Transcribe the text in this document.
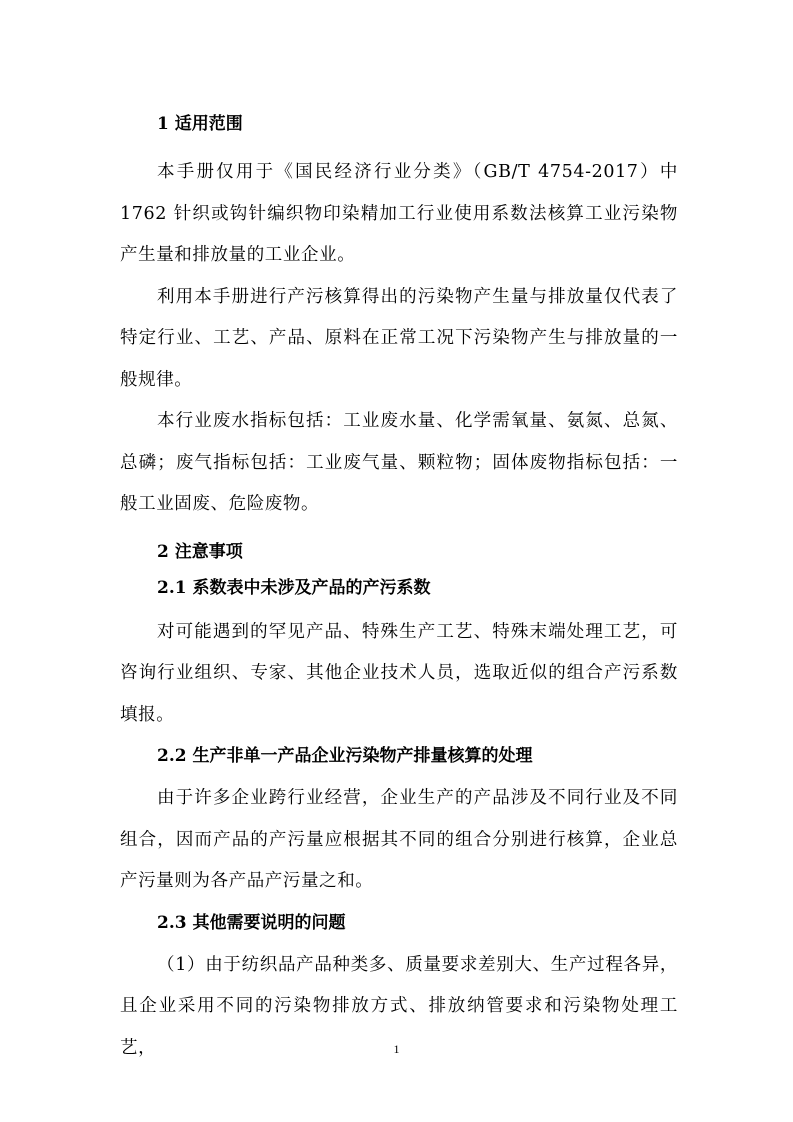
1 适用范围
本手册仅用于《国民经济行业分类》（GB/T 4754-2017）中 1762 针织或钩针编织物印染精加工行业使用系数法核算工业污染物产生量和排放量的工业企业。
利用本手册进行产污核算得出的污染物产生量与排放量仅代表了特定行业、工艺、产品、原料在正常工况下污染物产生与排放量的一般规律。
本行业废水指标包括：工业废水量、化学需氧量、氨氮、总氮、总磷；废气指标包括：工业废气量、颗粒物；固体废物指标包括：一般工业固废、危险废物。
2 注意事项
2.1 系数表中未涉及产品的产污系数
对可能遇到的罕见产品、特殊生产工艺、特殊末端处理工艺，可咨询行业组织、专家、其他企业技术人员，选取近似的组合产污系数填报。
2.2 生产非单一产品企业污染物产排量核算的处理
由于许多企业跨行业经营，企业生产的产品涉及不同行业及不同组合，因而产品的产污量应根据其不同的组合分别进行核算，企业总产污量则为各产品产污量之和。
2.3 其他需要说明的问题
（1）由于纺织品产品种类多、质量要求差别大、生产过程各异，且企业采用不同的污染物排放方式、排放纳管要求和污染物处理工艺，	1
